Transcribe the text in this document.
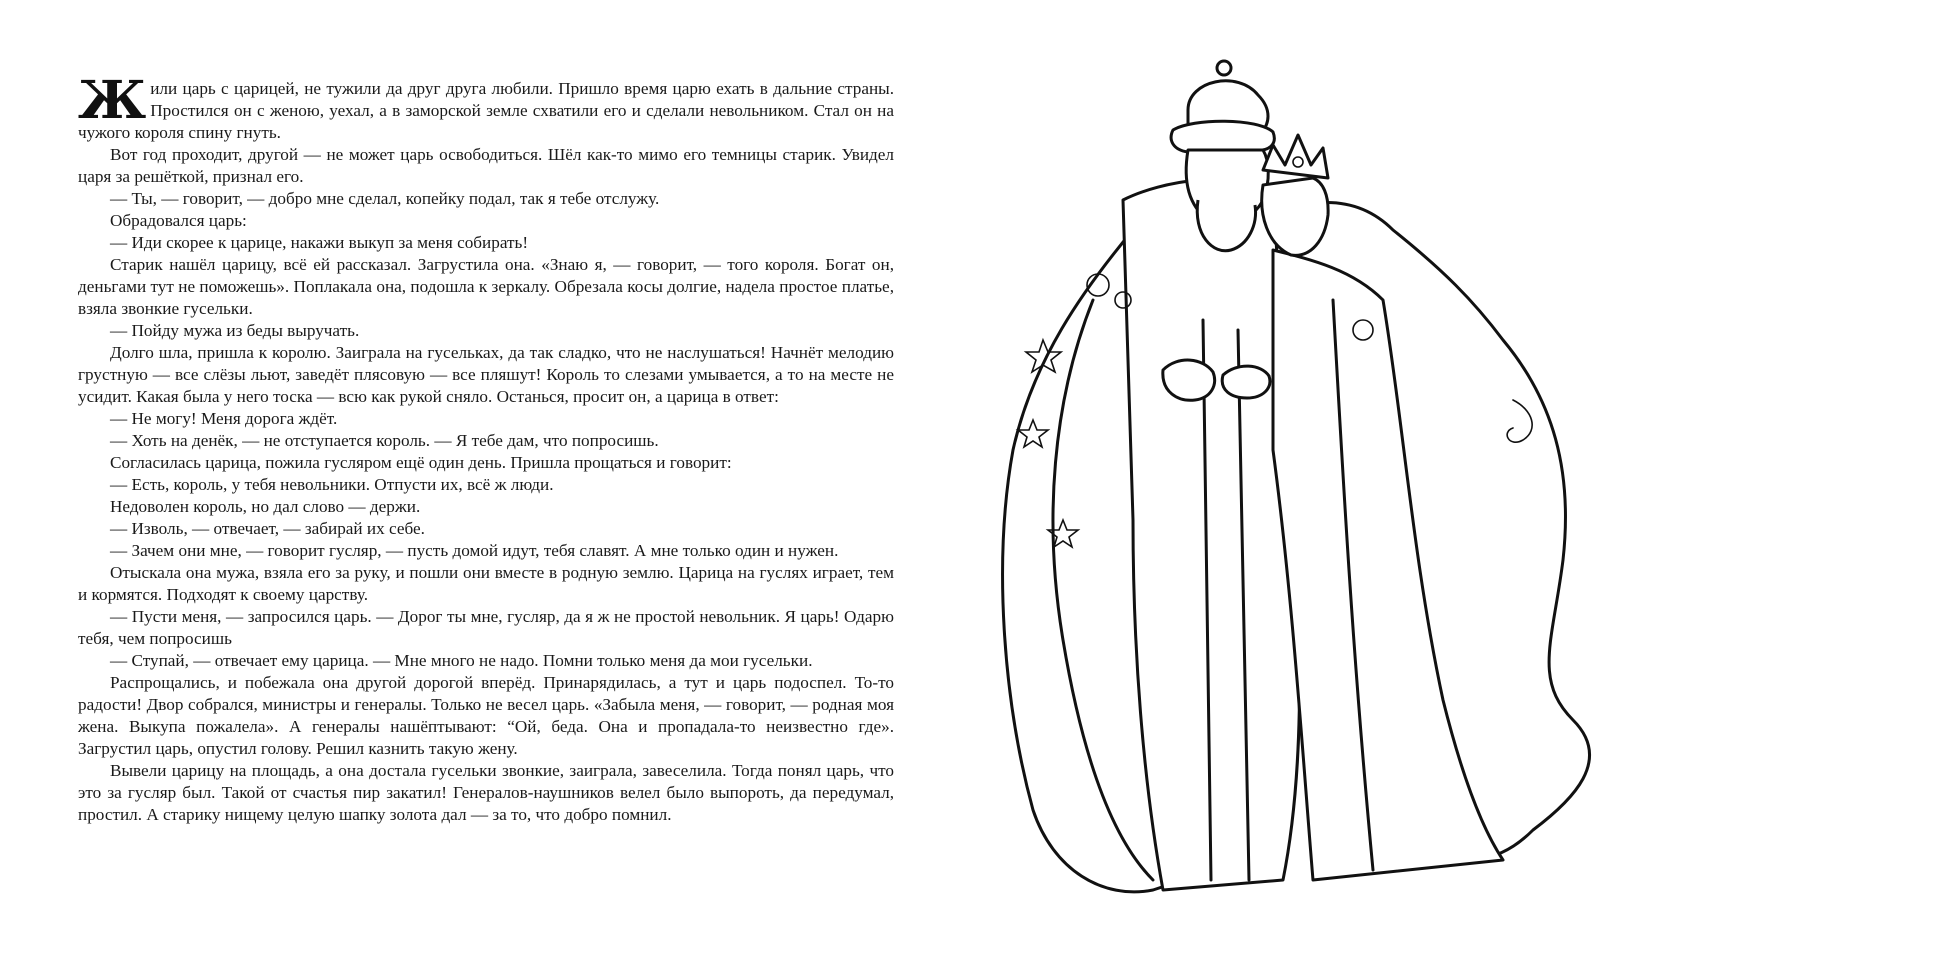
Жили царь с царицей, не тужили да друг друга любили. Пришло время царю ехать в дальние страны. Простился он с женою, уехал, а в заморской земле схватили его и сделали невольником. Стал он на чужого короля спину гнуть.

Вот год проходит, другой — не может царь освободиться. Шёл как-то мимо его темницы старик. Увидел царя за решёткой, признал его.

— Ты, — говорит, — добро мне сделал, копейку подал, так я тебе отслужу.

Обрадовался царь:

— Иди скорее к царице, накажи выкуп за меня собирать!

Старик нашёл царицу, всё ей рассказал. Загрустила она. «Знаю я, — говорит, — того короля. Богат он, деньгами тут не поможешь». Поплакала она, подошла к зеркалу. Обрезала косы долгие, надела простое платье, взяла звонкие гусельки.

— Пойду мужа из беды выручать.

Долго шла, пришла к королю. Заиграла на гусельках, да так сладко, что не наслушаться! Начнёт мелодию грустную — все слёзы льют, заведёт плясовую — все пляшут! Король то слезами умывается, а то на месте не усидит. Какая была у него тоска — всю как рукой сняло. Останься, просит он, а царица в ответ:

— Не могу! Меня дорога ждёт.

— Хоть на денёк, — не отступается король. — Я тебе дам, что попросишь.

Согласилась царица, пожила гусляром ещё один день. Пришла прощаться и говорит:

— Есть, король, у тебя невольники. Отпусти их, всё ж люди.

Недоволен король, но дал слово — держи.

— Изволь, — отвечает, — забирай их себе.

— Зачем они мне, — говорит гусляр, — пусть домой идут, тебя славят. А мне только один и нужен.

Отыскала она мужа, взяла его за руку, и пошли они вместе в родную землю. Царица на гуслях играет, тем и кормятся. Подходят к своему царству.

— Пусти меня, — запросился царь. — Дорог ты мне, гусляр, да я ж не простой невольник. Я царь! Одарю тебя, чем попросишь

— Ступай, — отвечает ему царица. — Мне много не надо. Помни только меня да мои гусельки.

Распрощались, и побежала она другой дорогой вперёд. Принарядилась, а тут и царь подоспел. То-то радости! Двор собрался, министры и генералы. Только не весел царь. «Забыла меня, — говорит, — родная моя жена. Выкупа пожалела». А генералы нашёптывают: “Ой, беда. Она и пропадала-то неизвестно где». Загрустил царь, опустил голову. Решил казнить такую жену.

Вывели царицу на площадь, а она достала гусельки звонкие, заиграла, завеселила. Тогда понял царь, что это за гусляр был. Такой от счастья пир закатил! Генералов-наушников велел было выпороть, да передумал, простил. А старику нищему целую шапку золота дал — за то, что добро помнил.
